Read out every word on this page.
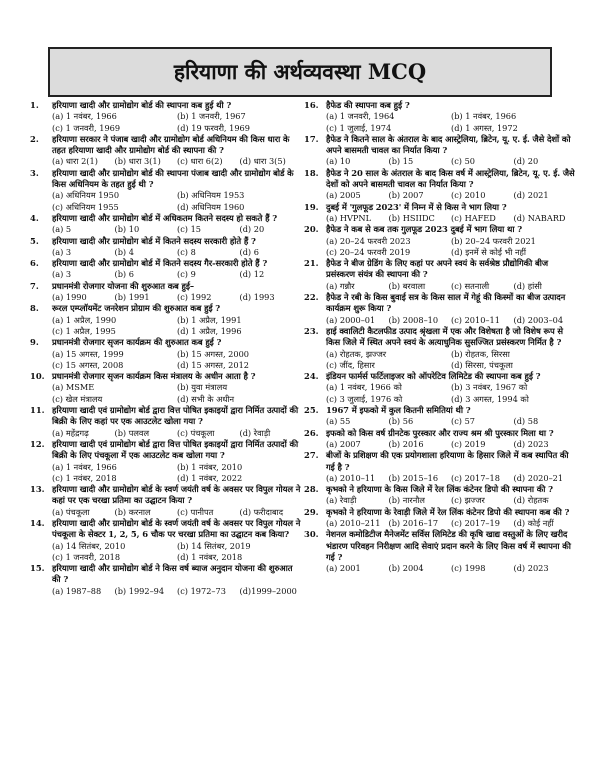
हरियाणा की अर्थव्यवस्था MCQ
1.	हरियाणा खादी और ग्रामोद्योग बोर्ड की स्थापना कब हुई थी ?
(a) 1 नवंबर, 1966	(b) 1 जनवरी, 1967
(c) 1 जनवरी, 1969	(d) 19 फरवरी, 1969
2.	हरियाणा सरकार ने पंजाब खादी और ग्रामोद्योग बोर्ड अधिनियम की किस धारा के तहत हरियाणा खादी और ग्रामोद्योग बोर्ड की स्थापना की ?
(a) धारा 2(1)	(b) धारा 3(1)	(c) धारा 6(2)	(d) धारा 3(5)
3.	हरियाणा खादी और ग्रामोद्योग बोर्ड की स्थापना पंजाब खादी और ग्रामोद्योग बोर्ड के किस अधिनियम के तहत हुई थी ?
(a) अधिनियम 1950	(b) अधिनियम 1953
(c) अधिनियम 1955	(d) अधिनियम 1960
4.	हरियाणा खादी और ग्रामोद्योग बोर्ड में अधिकतम कितने सदस्य हो सकते हैं ?
(a) 5	(b) 10	(c) 15	(d) 20
5.	हरियाणा खादी और ग्रामोद्योग बोर्ड में कितने सदस्य सरकारी होते हैं ?
(a) 3	(b) 4	(c) 8	(d) 6
6.	हरियाणा खादी और ग्रामोद्योग बोर्ड में कितने सदस्य गैर-सरकारी होते हैं ?
(a) 3	(b) 6	(c) 9	(d) 12
7.	प्रधानमंत्री रोजगार योजना की शुरुआत कब हुई–
(a) 1990	(b) 1991	(c) 1992	(d) 1993
8.	रूरल एम्प्लॉयमेंट जनरेशन प्रोग्राम की शुरुआत कब हुई ?
(a) 1 अप्रैल, 1990	(b) 1 अप्रैल, 1991
(c) 1 अप्रैल, 1995	(d) 1 अप्रैल, 1996
9.	प्रधानमंत्री रोजगार सृजन कार्यक्रम की शुरुआत कब हुई ?
(a) 15 अगस्त, 1999	(b) 15 अगस्त, 2000
(c) 15 अगस्त, 2008	(d) 15 अगस्त, 2012
10. प्रधानमंत्री रोजगार सृजन कार्यक्रम किस मंत्रालय के अधीन आता है ?
(a) MSME	(b) युवा मंत्रालय
(c) खेल मंत्रालय	(d) सभी के अधीन
11. हरियाणा खादी एवं ग्रामोद्योग बोर्ड द्वारा वित्त पोषित इकाइयों द्वारा निर्मित उत्पादों की बिक्री के लिए कहां पर एक आउटलेट खोला गया ?
(a) महेंद्रगढ़	(b) पलवल	(c) पंचकूला	(d) रेवाड़ी
12. हरियाणा खादी एवं ग्रामोद्योग बोर्ड द्वारा वित्त पोषित इकाइयों द्वारा निर्मित उत्पादों की बिक्री के लिए पंचकूला में एक आउटलेट कब खोला गया ?
(a) 1 नवंबर, 1966	(b) 1 नवंबर, 2010
(c) 1 नवंबर, 2018	(d) 1 नवंबर, 2022
13. हरियाणा खादी और ग्रामोद्योग बोर्ड के स्वर्ण जयंती वर्ष के अवसर पर विपुल गोयल ने कहां पर एक चरखा प्रतिमा का उद्घाटन किया ?
(a) पंचकूला	(b) करनाल	(c) पानीपत	(d) फरीदाबाद
14. हरियाणा खादी और ग्रामोद्योग बोर्ड के स्वर्ण जयंती वर्ष के अवसर पर विपुल गोयल ने पंचकूला के सेक्टर 1, 2, 5, 6 चौक पर चरखा प्रतिमा का उद्घाटन कब किया?
(a) 14 सितंबर, 2010	(b) 14 सितंबर, 2019
(c) 1 जनवरी, 2018	(d) 1 नवंबर, 2018
15. हरियाणा खादी और ग्रामोद्योग बोर्ड ने किस वर्ष ब्याज अनुदान योजना की शुरुआत की ?
(a) 1987–88	(b) 1992–94	(c) 1972–73	(d)1999–2000
16. हैफेड की स्थापना कब हुई ?
(a) 1 जनवरी, 1964	(b) 1 नवंबर, 1966
(c) 1 जुलाई, 1974	(d) 1 अगस्त, 1972
17. हैफेड ने कितने साल के अंतराल के बाद आस्ट्रेलिया, ब्रिटेन, यू. ए. ई. जैसे देशों को अपने बासमती चावल का निर्यात किया ?
(a) 10	(b) 15	(c) 50	(d) 20
18. हैफेड ने 20 साल के अंतराल के बाद किस वर्ष में आस्ट्रेलिया, ब्रिटेन, यू. ए. ई. जैसे देशों को अपने बासमती चावल का निर्यात किया ?
(a) 2005	(b) 2007	(c) 2010	(d) 2021
19. दुबई में 'गुलफूड 2023' में निम्न में से किस ने भाग लिया ?
(a) HVPNL	(b) HSIIDC	(c) HAFED	(d) NABARD
20. हैफेड ने कब से कब तक गुलफूड 2023 दुबई में भाग लिया था ?
(a) 20–24 फरवरी 2023	(b) 20–24 फरवरी 2021
(c) 20–24 फरवरी 2019	(d) इनमें से कोई भी नहीं
21. हैफेड ने बीज ग्रेडिंग के लिए कहां पर अपने स्वयं के सर्वश्रेष्ठ प्रौद्योगिकी बीज प्रसंस्करण संयंत्र की स्थापना की ?
(a) गन्नौर	(b) बरवाला	(c) सतनाली	(d) हांसी
22. हैफेड ने रबी के किस बुवाई सत्र के किस साल में गेहूं की किस्मों का बीज उत्पादन कार्यक्रम शुरू किया ?
(a) 2000–01	(b) 2008–10	(c) 2010–11	(d) 2003–04
23. हाई क्वालिटी कैटलफीड उत्पाद श्रृंखला में एक और विशेषता है जो विशेष रूप से किस जिले में स्थित अपने स्वयं के अत्याधुनिक सुसज्जित प्रसंस्करण निर्मित है ?
(a) रोहतक, झज्जर	(b) रोहतक, सिरसा
(c) जींद, हिसार	(d) सिरसा, पंचकूला
24. इंडियन फार्मर्स फर्टिलाइजर को ऑपरेटिव लिमिटेड की स्थापना कब हुई ?
(a) 1 नवंबर, 1966 को	(b) 3 नवंबर, 1967 को
(c) 3 जुलाई, 1976 को	(d) 3 अगस्त, 1994 को
25. 1967 में इफको में कुल कितनी समितियां थी ?
(a) 55	(b) 56	(c) 57	(d) 58
26. इफको को किस वर्ष ग्रीनटेक पुरस्कार और राज्य श्रम श्री पुरस्कार मिला था ?
(a) 2007	(b) 2016	(c) 2019	(d) 2023
27. बीजों के प्रशिक्षण की एक प्रयोगशाला हरियाणा के हिसार जिले में कब स्थापित की गई है ?
(a) 2010–11	(b) 2015–16	(c) 2017–18	(d) 2020–21
28. कृभको ने हरियाणा के किस जिले में रेल लिंक कंटेनर डिपो की स्थापना की ?
(a) रेवाड़ी	(b) नारनौल	(c) झज्जर	(d) रोहतक
29. कृभको ने हरियाणा के रेवाड़ी जिले में रेल लिंक कंटेनर डिपो की स्थापना कब की ?
(a) 2010–211 (b) 2016–17	(c) 2017–19	(d) कोई नहीं
30. नेशनल कमोडिटीज मैनेजमेंट सर्विस लिमिटेड की कृषि खाद्य वस्तुओं के लिए खरीद भंडारण परिवहन निरीक्षण आदि सेवाएं प्रदान करने के लिए किस वर्ष में स्थापना की गई ?
(a) 2001	(b) 2004	(c) 1998	(d) 2023
